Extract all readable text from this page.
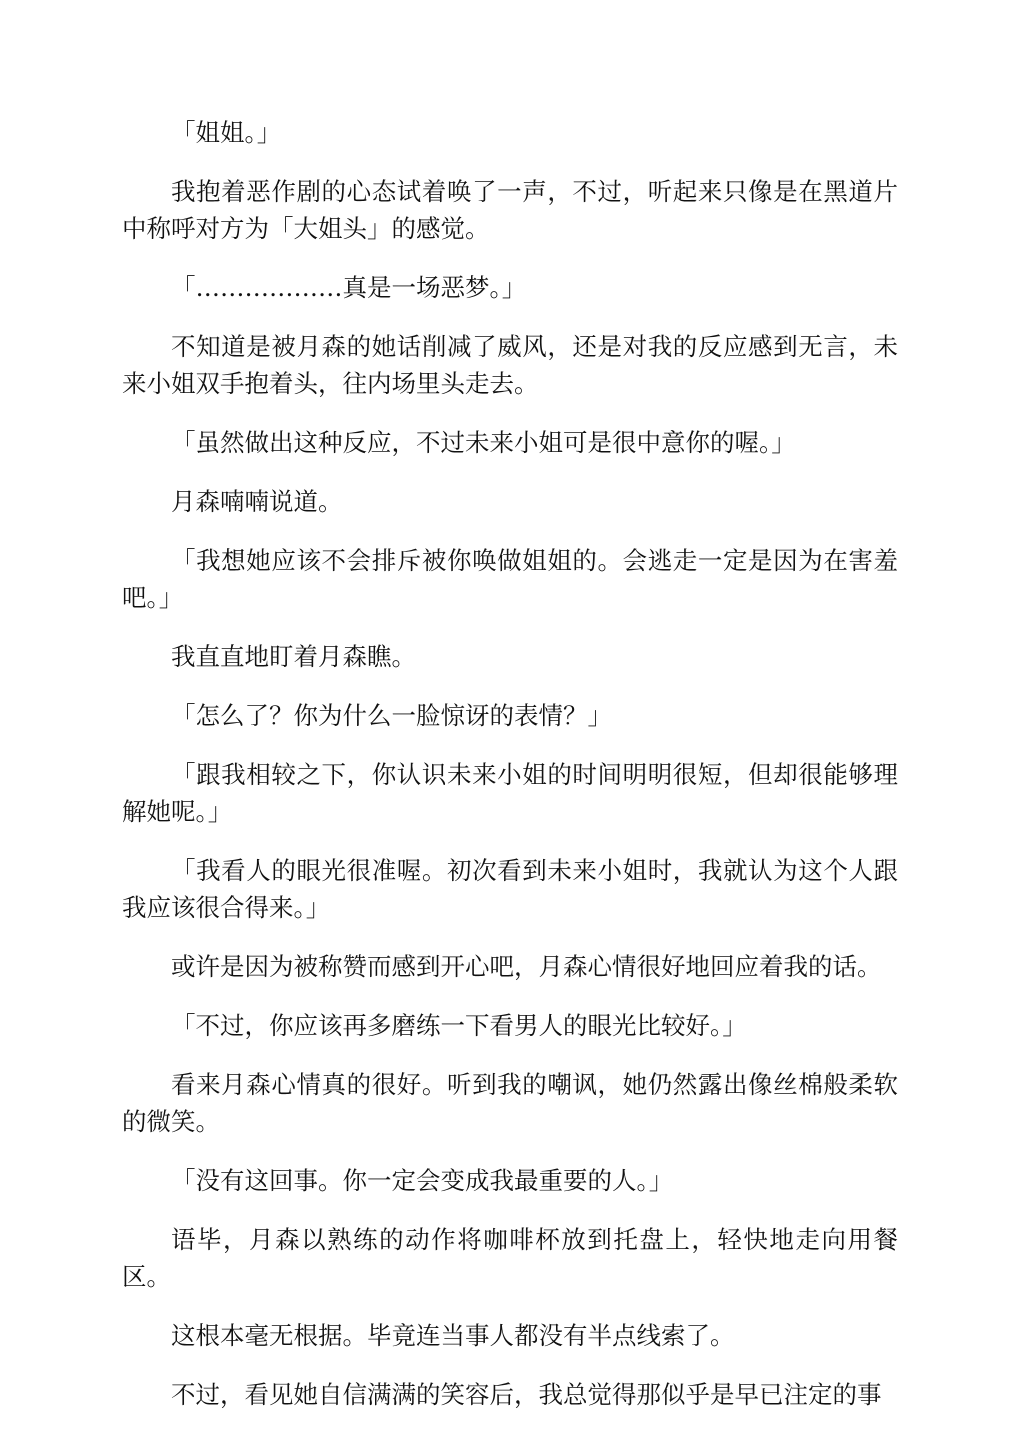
「姐姐。」

我抱着恶作剧的心态试着唤了一声，不过，听起来只像是在黑道片中称呼对方为「大姐头」的感觉。

「………………真是一场恶梦。」

不知道是被月森的她话削减了威风，还是对我的反应感到无言，未来小姐双手抱着头，往内场里头走去。

「虽然做出这种反应，不过未来小姐可是很中意你的喔。」

月森喃喃说道。

「我想她应该不会排斥被你唤做姐姐的。会逃走一定是因为在害羞吧。」

我直直地盯着月森瞧。

「怎么了？你为什么一脸惊讶的表情？」

「跟我相较之下，你认识未来小姐的时间明明很短，但却很能够理解她呢。」

「我看人的眼光很准喔。初次看到未来小姐时，我就认为这个人跟我应该很合得来。」

或许是因为被称赞而感到开心吧，月森心情很好地回应着我的话。

「不过，你应该再多磨练一下看男人的眼光比较好。」

看来月森心情真的很好。听到我的嘲讽，她仍然露出像丝棉般柔软的微笑。

「没有这回事。你一定会变成我最重要的人。」

语毕，月森以熟练的动作将咖啡杯放到托盘上，轻快地走向用餐区。

这根本毫无根据。毕竟连当事人都没有半点线索了。

不过，看见她自信满满的笑容后，我总觉得那似乎是早已注定的事
